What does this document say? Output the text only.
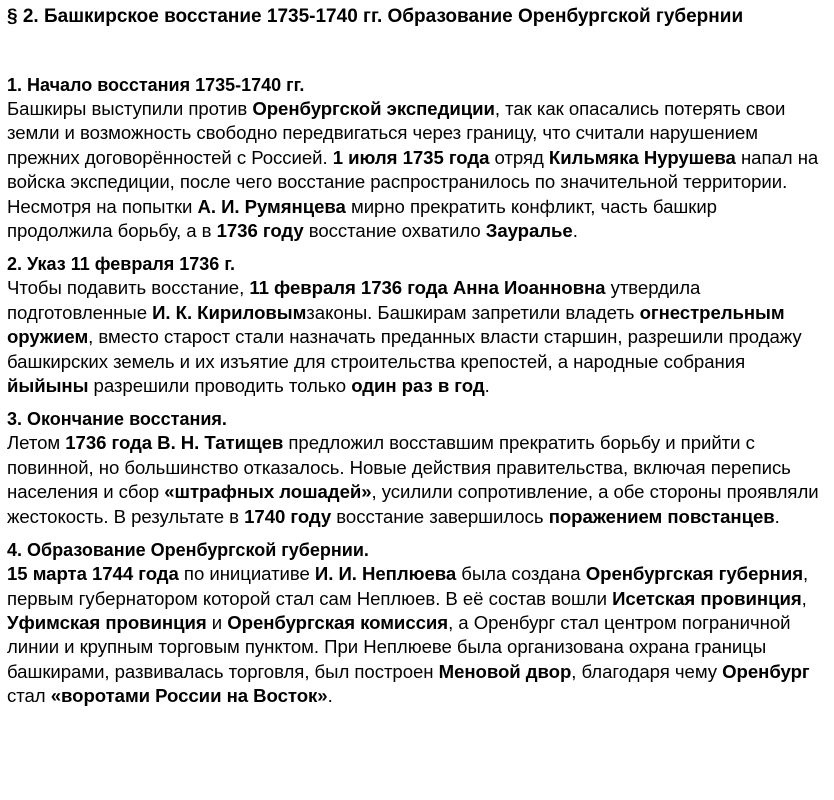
§ 2. Башкирское восстание 1735-1740 гг. Образование Оренбургской губернии
1. Начало восстания 1735-1740 гг.
Башкиры выступили против Оренбургской экспедиции, так как опасались потерять свои земли и возможность свободно передвигаться через границу, что считали нарушением прежних договорённостей с Россией. 1 июля 1735 года отряд Кильмяка Нурушева напал на войска экспедиции, после чего восстание распространилось по значительной территории. Несмотря на попытки А. И. Румянцева мирно прекратить конфликт, часть башкир продолжила борьбу, а в 1736 году восстание охватило Зауралье.
2. Указ 11 февраля 1736 г.
Чтобы подавить восстание, 11 февраля 1736 года Анна Иоанновна утвердила подготовленные И. К. Кириловымзаконы. Башкирам запретили владеть огнестрельным оружием, вместо старост стали назначать преданных власти старшин, разрешили продажу башкирских земель и их изъятие для строительства крепостей, а народные собрания йыйыны разрешили проводить только один раз в год.
3. Окончание восстания.
Летом 1736 года В. Н. Татищев предложил восставшим прекратить борьбу и прийти с повинной, но большинство отказалось. Новые действия правительства, включая перепись населения и сбор «штрафных лошадей», усилили сопротивление, а обе стороны проявляли жестокость. В результате в 1740 году восстание завершилось поражением повстанцев.
4. Образование Оренбургской губернии.
15 марта 1744 года по инициативе И. И. Неплюева была создана Оренбургская губерния, первым губернатором которой стал сам Неплюев. В её состав вошли Исетская провинция, Уфимская провинция и Оренбургская комиссия, а Оренбург стал центром пограничной линии и крупным торговым пунктом. При Неплюеве была организована охрана границы башкирами, развивалась торговля, был построен Меновой двор, благодаря чему Оренбург стал «воротами России на Восток».
